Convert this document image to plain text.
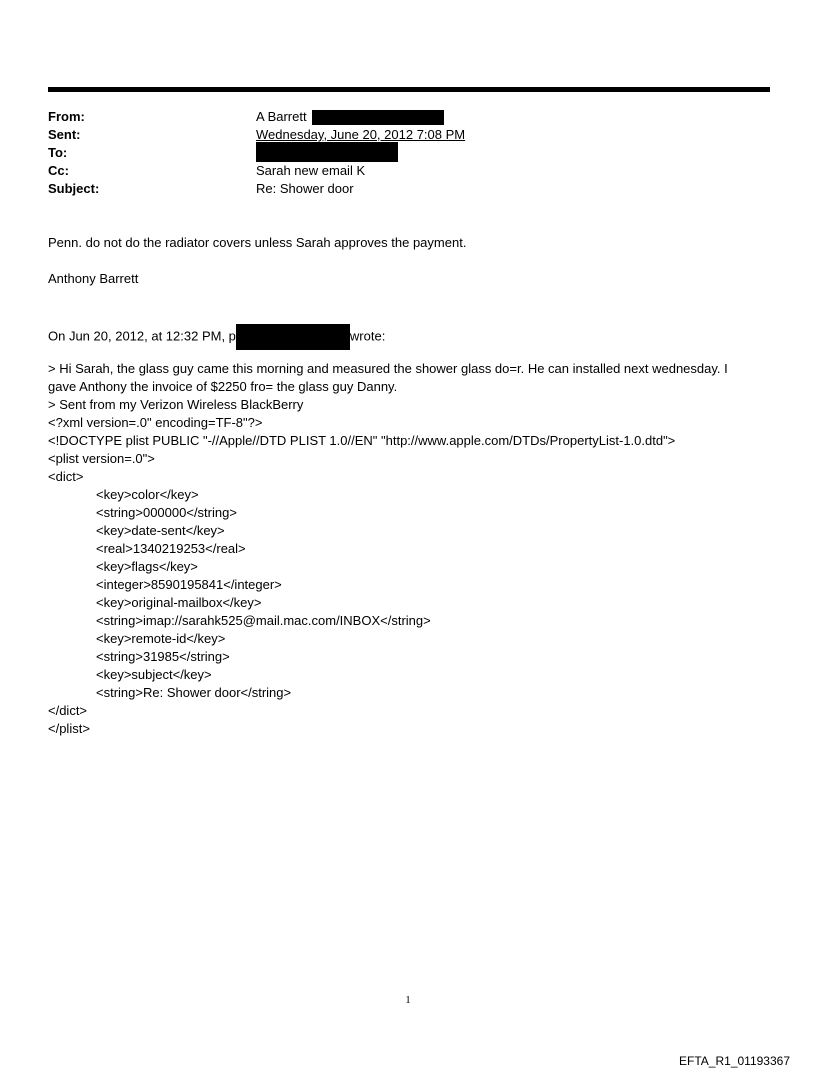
From:	A Barrett
Sent:	Wednesday, June 20, 2012 7:08 PM
To:
Cc:	Sarah new email K
Subject:	Re: Shower door
Penn. do not do the radiator covers unless Sarah approves the payment.
Anthony Barrett
On Jun 20, 2012, at 12:32 PM, p	wrote:
> Hi Sarah, the glass guy came this morning and measured the shower glass do=r. He can installed next wednesday. I gave Anthony the invoice of $2250 fro= the glass guy Danny.
> Sent from my Verizon Wireless BlackBerry
<?xml version=.0" encoding=TF-8"?>
<!DOCTYPE plist PUBLIC "-//Apple//DTD PLIST 1.0//EN" "http://www.apple.com/DTDs/PropertyList-1.0.dtd">
<plist version=.0">
<dict>
<key>color</key>
<string>000000</string>
<key>date-sent</key>
<real>1340219253</real>
<key>flags</key>
<integer>8590195841</integer>
<key>original-mailbox</key>
<string>imap://sarahk525@mail.mac.com/INBOX</string>
<key>remote-id</key>
<string>31985</string>
<key>subject</key>
<string>Re: Shower door</string>
</dict>
</plist>
1
EFTA_R1_01193367
